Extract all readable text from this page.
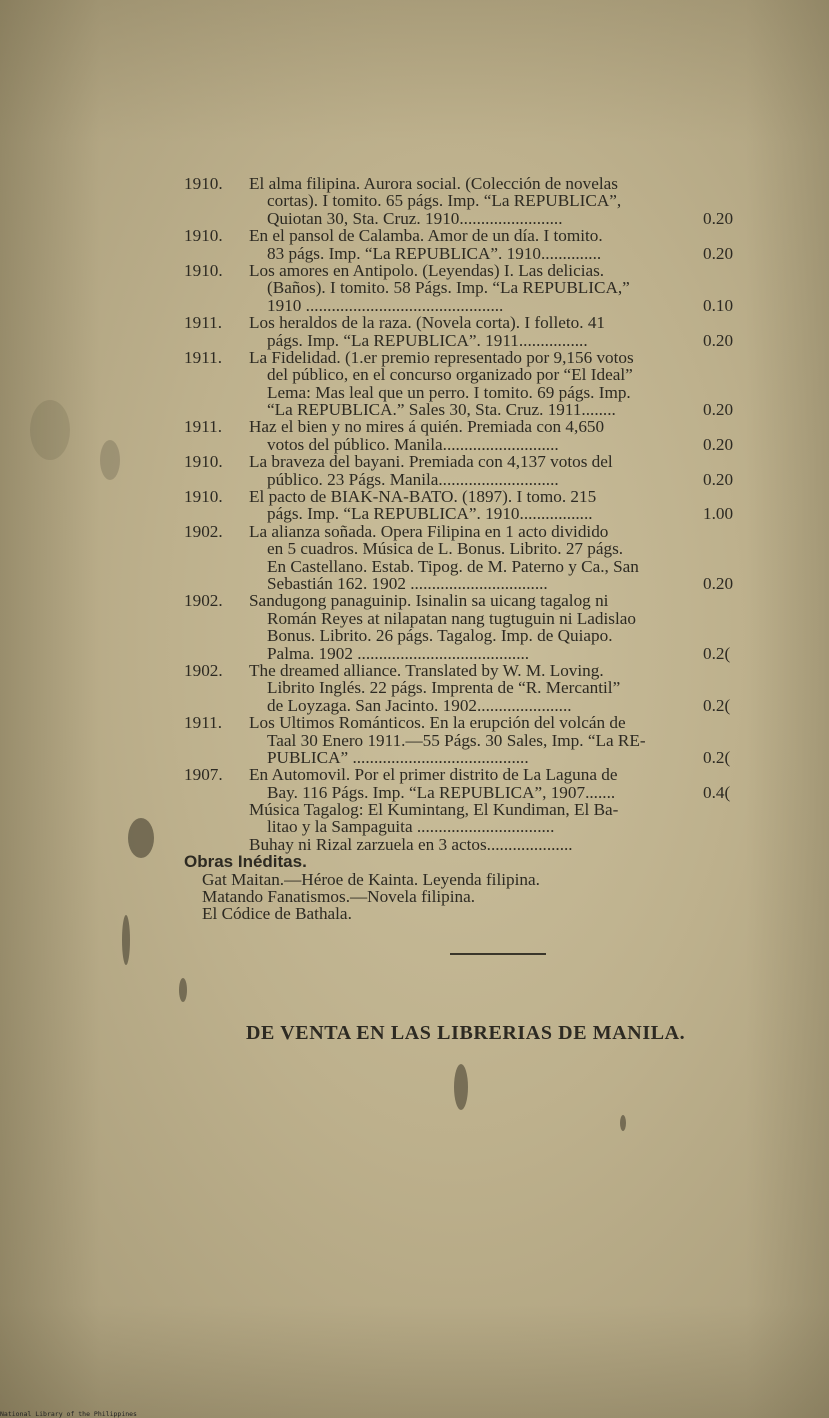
1910.	El alma filipina. Aurora social. (Colección de novelas
cortas). I tomito. 65 págs. Imp. “La REPUBLICA”,
Quiotan 30, Sta. Cruz. 1910........................	0.20
1910.	En el pansol de Calamba. Amor de un día. I tomito.
83 págs. Imp. “La REPUBLICA”. 1910..............	0.20
1910.	Los amores en Antipolo. (Leyendas) I. Las delicias.
(Baños). I tomito. 58 Págs. Imp. “La REPUBLICA,”
1910 ..............................................	0.10
1911.	Los heraldos de la raza. (Novela corta). I folleto. 41
págs. Imp. “La REPUBLICA”. 1911................	0.20
1911.	La Fidelidad. (1.er premio representado por 9,156 votos
del público, en el concurso organizado por “El Ideal”
Lema: Mas leal que un perro. I tomito. 69 págs. Imp.
“La REPUBLICA.” Sales 30, Sta. Cruz. 1911........	0.20
1911.	Haz el bien y no mires á quién. Premiada con 4,650
votos del público. Manila...........................	0.20
1910.	La braveza del bayani. Premiada con 4,137 votos del
público. 23 Págs. Manila............................	0.20
1910.	El pacto de BIAK-NA-BATO. (1897). I tomo. 215
págs. Imp. “La REPUBLICA”. 1910.................	1.00
1902.	La alianza soñada. Opera Filipina en 1 acto dividido
en 5 cuadros. Música de L. Bonus. Librito. 27 págs.
En Castellano. Estab. Tipog. de M. Paterno y Ca., San
Sebastián 162. 1902 ................................	0.20
1902.	Sandugong panaguinip. Isinalin sa uicang tagalog ni
Román Reyes at nilapatan nang tugtuguin ni Ladislao
Bonus. Librito. 26 págs. Tagalog. Imp. de Quiapo.
Palma. 1902 ........................................	0.2(
1902.	The dreamed alliance. Translated by W. M. Loving.
Librito Inglés. 22 págs. Imprenta de “R. Mercantil”
de Loyzaga. San Jacinto. 1902......................	0.2(
1911.	Los Ultimos Románticos. En la erupción del volcán de
Taal 30 Enero 1911.—55 Págs. 30 Sales, Imp. “La RE-
PUBLICA” .........................................	0.2(
1907.	En Automovil. Por el primer distrito de La Laguna de
Bay. 116 Págs. Imp. “La REPUBLICA”, 1907.......	0.4(
Música Tagalog: El Kumintang, El Kundiman, El Ba-
litao y la Sampaguita ................................
Buhay ni Rizal zarzuela en 3 actos....................
Obras Inéditas.
Gat Maitan.—Héroe de Kainta. Leyenda filipina.
Matando Fanatismos.—Novela filipina.
El Códice de Bathala.
DE VENTA EN LAS LIBRERIAS DE MANILA.
National Library of the Philippines
